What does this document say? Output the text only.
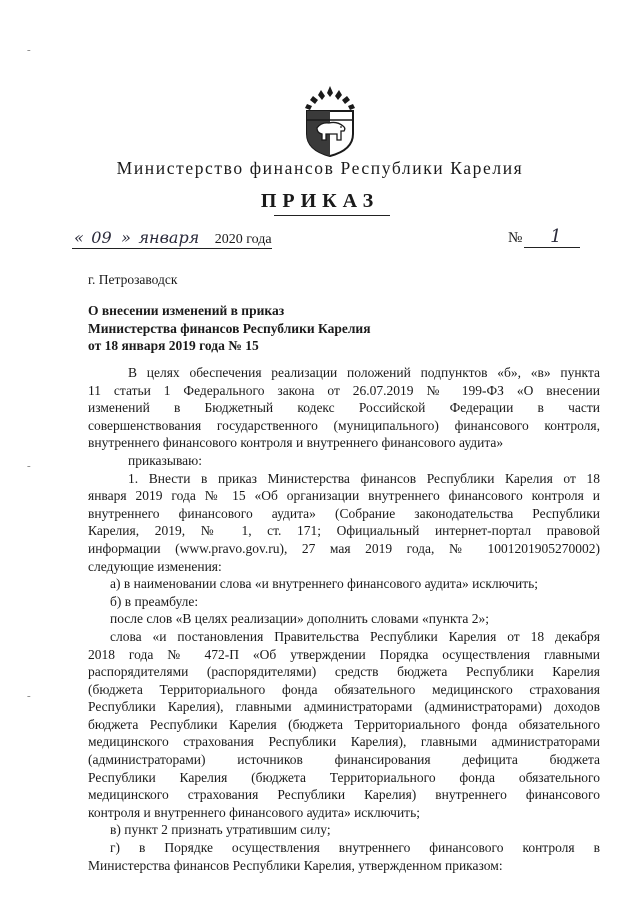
-
-
-
Министерство финансов Республики Карелия
ПРИКАЗ
« 09 » января 2020 года	№ 1
г. Петрозаводск
О внесении изменений в приказ
Министерства финансов Республики Карелия
от 18 января 2019 года № 15
В целях обеспечения реализации положений подпунктов «б», «в» пункта
11 статьи 1 Федерального закона от 26.07.2019 № 199-ФЗ «О внесении
изменений в Бюджетный кодекс Российской Федерации в части
совершенствования государственного (муниципального) финансового контроля,
внутреннего финансового контроля и внутреннего финансового аудита»
приказываю:
1. Внести в приказ Министерства финансов Республики Карелия от 18
января 2019 года № 15 «Об организации внутреннего финансового контроля и
внутреннего финансового аудита» (Собрание законодательства Республики
Карелия, 2019, № 1, ст. 171; Официальный интернет-портал правовой
информации (www.pravo.gov.ru), 27 мая 2019 года, № 1001201905270002)
следующие изменения:
а) в наименовании слова «и внутреннего финансового аудита» исключить;
б) в преамбуле:
после слов «В целях реализации» дополнить словами «пункта 2»;
слова «и постановления Правительства Республики Карелия от 18 декабря
2018 года № 472-П «Об утверждении Порядка осуществления главными
распорядителями (распорядителями) средств бюджета Республики Карелия
(бюджета Территориального фонда обязательного медицинского страхования
Республики Карелия), главными администраторами (администраторами) доходов
бюджета Республики Карелия (бюджета Территориального фонда обязательного
медицинского страхования Республики Карелия), главными администраторами
(администраторами) источников финансирования дефицита бюджета
Республики Карелия (бюджета Территориального фонда обязательного
медицинского страхования Республики Карелия) внутреннего финансового
контроля и внутреннего финансового аудита» исключить;
в) пункт 2 признать утратившим силу;
г) в Порядке осуществления внутреннего финансового контроля в
Министерства финансов Республики Карелия, утвержденном приказом:
